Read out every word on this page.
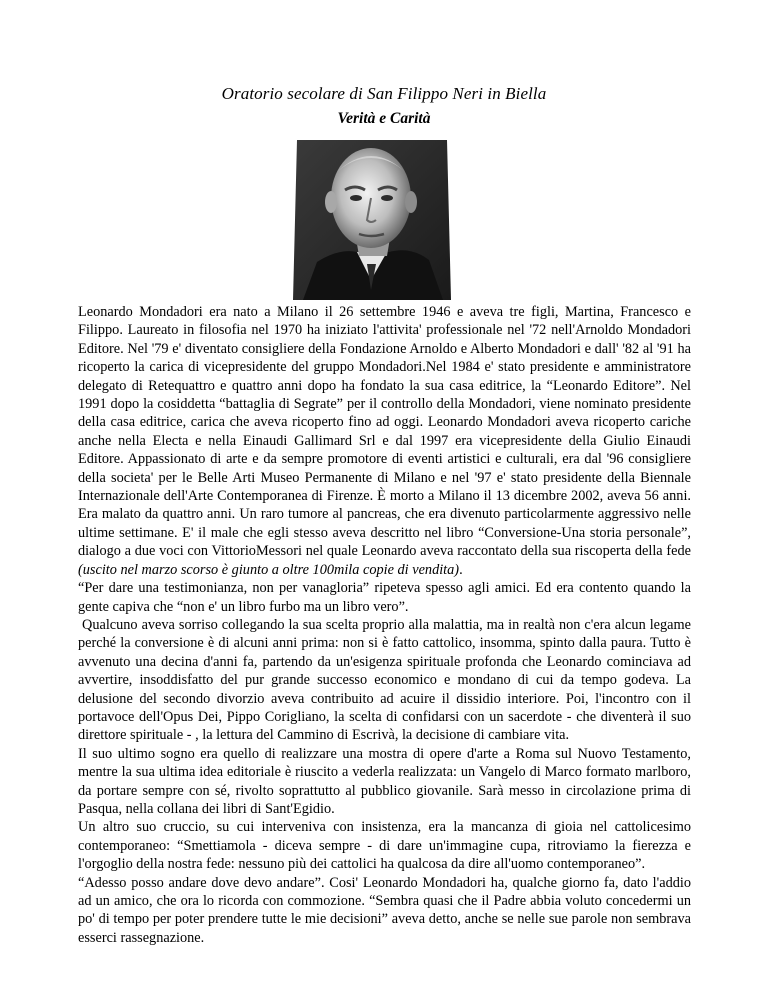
Oratorio secolare di San Filippo Neri in Biella
Verità e Carità

Leonardo Mondadori era nato a Milano il 26 settembre 1946 e aveva tre figli, Martina, Francesco e Filippo. Laureato in filosofia nel 1970 ha iniziato l'attivita' professionale nel '72 nell'Arnoldo Mondadori Editore. Nel '79 e' diventato consigliere della Fondazione Arnoldo e Alberto Mondadori e dall' '82 al '91 ha ricoperto la carica di vicepresidente del gruppo Mondadori.Nel 1984 e' stato presidente e amministratore delegato di Retequattro e quattro anni dopo ha fondato la sua casa editrice, la “Leonardo Editore”. Nel 1991 dopo la cosiddetta “battaglia di Segrate” per il controllo della Mondadori, viene nominato presidente della casa editrice, carica che aveva ricoperto fino ad oggi. Leonardo Mondadori aveva ricoperto cariche anche nella Electa e nella Einaudi Gallimard Srl e dal 1997 era vicepresidente della Giulio Einaudi Editore. Appassionato di arte e da sempre promotore di eventi artistici e culturali, era dal '96 consigliere della societa' per le Belle Arti Museo Permanente di Milano e nel '97 e' stato presidente della Biennale Internazionale dell'Arte Contemporanea di Firenze. È morto a Milano il 13 dicembre 2002, aveva 56 anni. Era malato da quattro anni. Un raro tumore al pancreas, che era divenuto particolarmente aggressivo nelle ultime settimane. E' il male che egli stesso aveva descritto nel libro “Conversione-Una storia personale”, dialogo a due voci con VittorioMessori nel quale Leonardo aveva raccontato della sua riscoperta della fede (uscito nel marzo scorso è giunto a oltre 100mila copie di vendita).

“Per dare una testimonianza, non per vanagloria” ripeteva spesso agli amici. Ed era contento quando la gente capiva che “non e' un libro furbo ma un libro vero”.

Qualcuno aveva sorriso collegando la sua scelta proprio alla malattia, ma in realtà non c'era alcun legame perché la conversione è di alcuni anni prima: non si è fatto cattolico, insomma, spinto dalla paura. Tutto è avvenuto una decina d'anni fa, partendo da un'esigenza spirituale profonda che Leonardo cominciava ad avvertire, insoddisfatto del pur grande successo economico e mondano di cui da tempo godeva. La delusione del secondo divorzio aveva contribuito ad acuire il dissidio interiore. Poi, l'incontro con il portavoce dell'Opus Dei, Pippo Corigliano, la scelta di confidarsi con un sacerdote - che diventerà il suo direttore spirituale - , la lettura del Cammino di Escrivà, la decisione di cambiare vita.

Il suo ultimo sogno era quello di realizzare una mostra di opere d'arte a Roma sul Nuovo Testamento, mentre la sua ultima idea editoriale è riuscito a vederla realizzata: un Vangelo di Marco formato marlboro, da portare sempre con sé, rivolto soprattutto al pubblico giovanile. Sarà messo in circolazione prima di Pasqua, nella collana dei libri di Sant'Egidio.

Un altro suo cruccio, su cui interveniva con insistenza, era la mancanza di gioia nel cattolicesimo contemporaneo: “Smettiamola - diceva sempre - di dare un'immagine cupa, ritroviamo la fierezza e l'orgoglio della nostra fede: nessuno più dei cattolici ha qualcosa da dire all'uomo contemporaneo”.

“Adesso posso andare dove devo andare”. Cosi' Leonardo Mondadori ha, qualche giorno fa, dato l'addio ad un amico, che ora lo ricorda con commozione. “Sembra quasi che il Padre abbia voluto concedermi un po' di tempo per poter prendere tutte le mie decisioni” aveva detto, anche se nelle sue parole non sembrava esserci rassegnazione.
